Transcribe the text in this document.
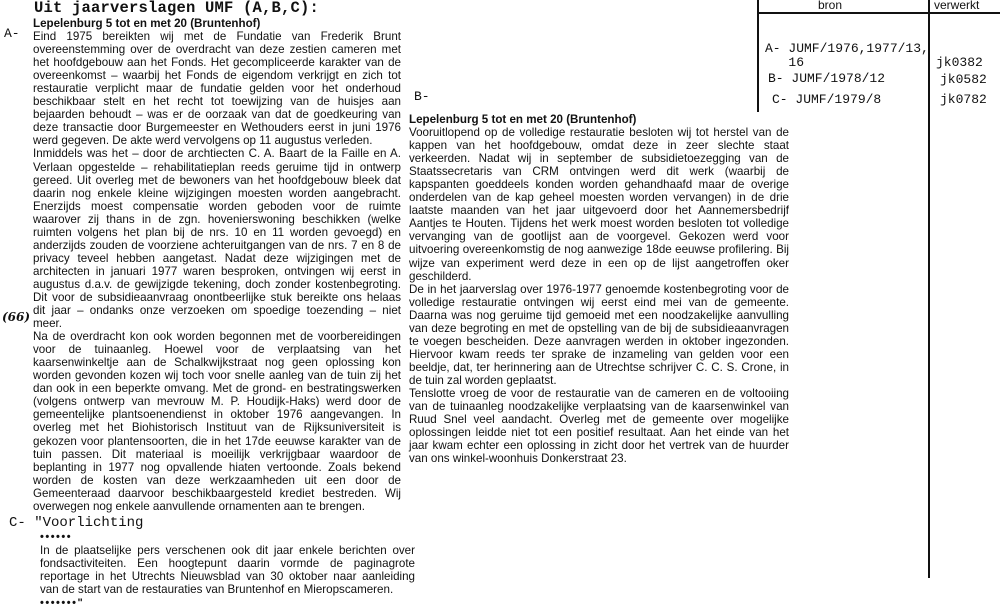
Uit jaarverslagen UMF (A,B,C):	bron	verwerkt
A- JUMF/1976,1977/13,
16
B- JUMF/1978/12
C- JUMF/1979/8
jk0382
jk0582
jk0782
A-
B-
(66)

Lepelenburg 5 tot en met 20 (Bruntenhof)

Eind 1975 bereikten wij met de Fundatie van Frederik Brunt overeenstemming over de overdracht van deze zestien cameren met het hoofdgebouw aan het Fonds. Het gecompliceerde karakter van de overeenkomst – waarbij het Fonds de eigendom verkrijgt en zich tot restauratie verplicht maar de fundatie gelden voor het onderhoud beschikbaar stelt en het recht tot toewijzing van de huisjes aan bejaarden behoudt – was er de oorzaak van dat de goedkeuring van deze transactie door Burgemeester en Wethouders eerst in juni 1976 werd gegeven. De akte werd vervolgens op 11 augustus verleden.

Inmiddels was het – door de archtiecten C. A. Baart de la Faille en A. Verlaan opgestelde – rehabilitatieplan reeds geruime tijd in ontwerp gereed. Uit overleg met de bewoners van het hoofdgebouw bleek dat daarin nog enkele kleine wijzigingen moesten worden aangebracht. Enerzijds moest compensatie worden geboden voor de ruimte waarover zij thans in de zgn. hovenierswoning beschikken (welke ruimten volgens het plan bij de nrs. 10 en 11 worden gevoegd) en anderzijds zouden de voorziene achteruitgangen van de nrs. 7 en 8 de privacy teveel hebben aangetast. Nadat deze wijzigingen met de architecten in januari 1977 waren besproken, ontvingen wij eerst in augustus d.a.v. de gewijzigde tekening, doch zonder kostenbegroting. Dit voor de subsidieaanvraag onontbeerlijke stuk bereikte ons helaas dit jaar – ondanks onze verzoeken om spoedige toezending – niet meer.

Na de overdracht kon ook worden begonnen met de voorbereidingen voor de tuinaanleg. Hoewel voor de verplaatsing van het kaarsenwinkeltje aan de Schalkwijkstraat nog geen oplossing kon worden gevonden kozen wij toch voor snelle aanleg van de tuin zij het dan ook in een beperkte omvang. Met de grond- en bestratingswerken (volgens ontwerp van mevrouw M. P. Houdijk-Haks) werd door de gemeentelijke plantsoenendienst in oktober 1976 aangevangen. In overleg met het Biohistorisch Instituut van de Rijksuniversiteit is gekozen voor plantensoorten, die in het 17de eeuwse karakter van de tuin passen. Dit materiaal is moeilijk verkrijgbaar waardoor de beplanting in 1977 nog opvallende hiaten vertoonde. Zoals bekend worden de kosten van deze werkzaamheden uit een door de Gemeenteraad daarvoor beschikbaargesteld krediet bestreden. Wij overwegen nog enkele aanvullende ornamenten aan te brengen.

Lepelenburg 5 tot en met 20 (Bruntenhof)

Vooruitlopend op de volledige restauratie besloten wij tot herstel van de kappen van het hoofdgebouw, omdat deze in zeer slechte staat verkeerden. Nadat wij in september de subsidietoezegging van de Staatssecretaris van CRM ontvingen werd dit werk (waarbij de kapspanten goeddeels konden worden gehandhaafd maar de overige onderdelen van de kap geheel moesten worden vervangen) in de drie laatste maanden van het jaar uitgevoerd door het Aannemersbedrijf Aantjes te Houten. Tijdens het werk moest worden besloten tot volledige vervanging van de gootlijst aan de voorgevel. Gekozen werd voor uitvoering overeenkomstig de nog aanwezige 18de eeuwse profilering. Bij wijze van experiment werd deze in een op de lijst aangetroffen oker geschilderd.

De in het jaarverslag over 1976-1977 genoemde kostenbegroting voor de volledige restauratie ontvingen wij eerst eind mei van de gemeente. Daarna was nog geruime tijd gemoeid met een noodzakelijke aanvulling van deze begroting en met de opstelling van de bij de subsidieaanvragen te voegen bescheiden. Deze aanvragen werden in oktober ingezonden. Hiervoor kwam reeds ter sprake de inzameling van gelden voor een beeldje, dat, ter herinnering aan de Utrechtse schrijver C. C. S. Crone, in de tuin zal worden geplaatst.

Tenslotte vroeg de voor de restauratie van de cameren en de voltooiing van de tuinaanleg noodzakelijke verplaatsing van de kaarsenwinkel van Ruud Snel veel aandacht. Overleg met de gemeente over mogelijke oplossingen leidde niet tot een positief resultaat. Aan het einde van het jaar kwam echter een oplossing in zicht door het vertrek van de huurder van ons winkel-woonhuis Donkerstraat 23.

C- "Voorlichting
••••••
In de plaatselijke pers verschenen ook dit jaar enkele berichten over fondsactiviteiten. Een hoogtepunt daarin vormde de paginagrote reportage in het Utrechts Nieuwsblad van 30 oktober naar aanleiding van de start van de restauraties van Bruntenhof en Mieropscameren.
•••••••"
